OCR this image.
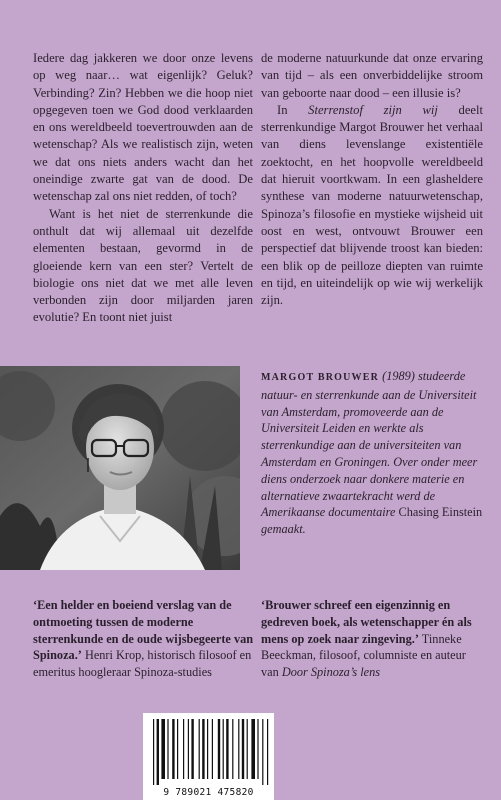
Iedere dag jakkeren we door onze levens op weg naar… wat eigenlijk? Geluk? Verbinding? Zin? Hebben we die hoop niet opgegeven toen we God dood verklaarden en ons wereldbeeld toevertrouwden aan de wetenschap? Als we realistisch zijn, weten we dat ons niets anders wacht dan het oneindige zwarte gat van de dood. De wetenschap zal ons niet redden, of toch?

Want is het niet de sterrenkunde die onthult dat wij allemaal uit dezelfde elementen bestaan, gevormd in de gloeiende kern van een ster? Vertelt de biologie ons niet dat we met alle leven verbonden zijn door miljarden jaren evolutie? En toont niet juist

de moderne natuurkunde dat onze ervaring van tijd – als een onverbiddelijke stroom van geboorte naar dood – een illusie is?

In Sterrenstof zijn wij deelt sterrenkundige Margot Brouwer het verhaal van diens levenslange existentiële zoektocht, en het hoopvolle wereldbeeld dat hieruit voortkwam. In een glasheldere synthese van moderne natuurwetenschap, Spinoza’s filosofie en mystieke wijsheid uit oost en west, ontvouwt Brouwer een perspectief dat blijvende troost kan bieden: een blik op de peilloze diepten van ruimte en tijd, en uiteindelijk op wie wij werkelijk zijn.

MARGOT BROUWER (1989) studeerde natuur- en sterrenkunde aan de Universiteit van Amsterdam, promoveerde aan de Universiteit Leiden en werkte als sterrenkundige aan de universiteiten van Amsterdam en Groningen. Over onder meer diens onderzoek naar donkere materie en alternatieve zwaartekracht werd de Amerikaanse documentaire Chasing Einstein gemaakt.
‘Een helder en boeiend verslag van de ontmoeting tussen de moderne sterrenkunde en de oude wijsbegeerte van Spinoza.’ Henri Krop, historisch filosoof en emeritus hoogleraar Spinoza-studies
‘Brouwer schreef een eigenzinnig en gedreven boek, als wetenschapper én als mens op zoek naar zingeving.’ Tinneke Beeckman, filosoof, columniste en auteur van Door Spinoza’s lens
9 789021 475820
